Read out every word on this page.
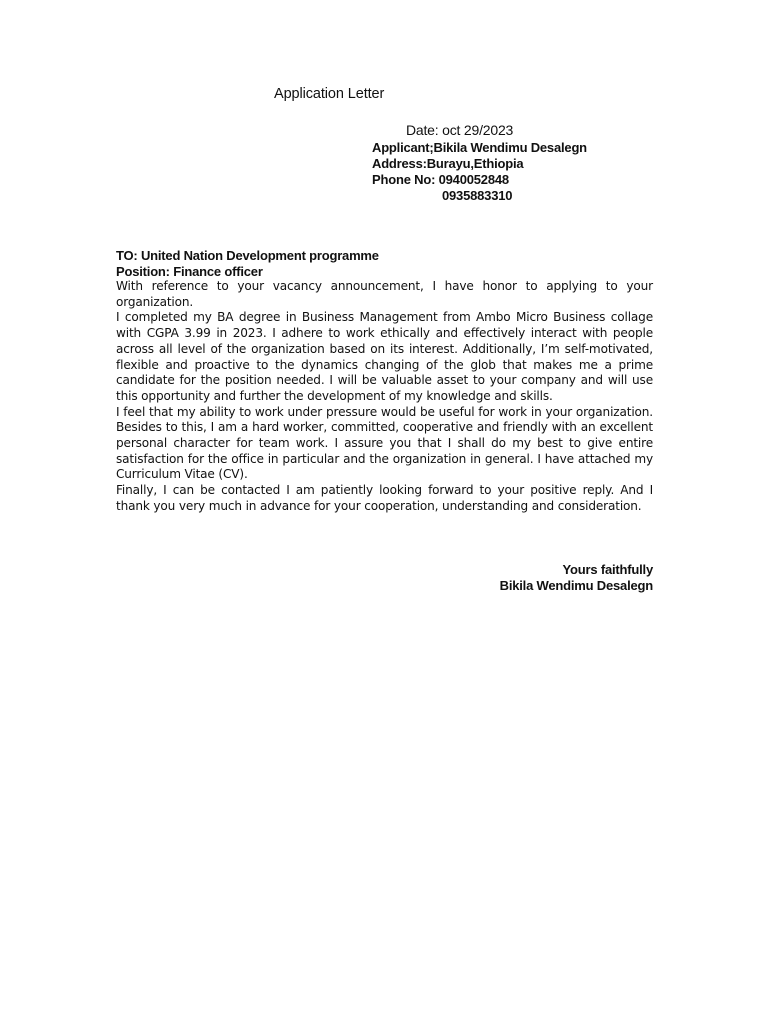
Application Letter
Date: oct 29/2023
Applicant;Bikila Wendimu Desalegn
Address:Burayu,Ethiopia
Phone No: 0940052848
0935883310
TO: United Nation Development programme
Position: Finance officer

With reference to your vacancy announcement, I have honor to applying to your organization.

I completed my BA degree in Business Management from Ambo Micro Business collage with CGPA 3.99 in 2023. I adhere to work ethically and effectively interact with people across all level of the organization based on its interest. Additionally, I’m self-motivated, flexible and proactive to the dynamics changing of the glob that makes me a prime candidate for the position needed. I will be valuable asset to your company and will use this opportunity and further the development of my knowledge and skills.

I feel that my ability to work under pressure would be useful for work in your organization. Besides to this, I am a hard worker, committed, cooperative and friendly with an excellent personal character for team work. I assure you that I shall do my best to give entire satisfaction for the office in particular and the organization in general. I have attached my Curriculum Vitae (CV).

Finally, I can be contacted I am patiently looking forward to your positive reply. And I thank you very much in advance for your cooperation, understanding and consideration.

Yours faithfully
Bikila Wendimu Desalegn
